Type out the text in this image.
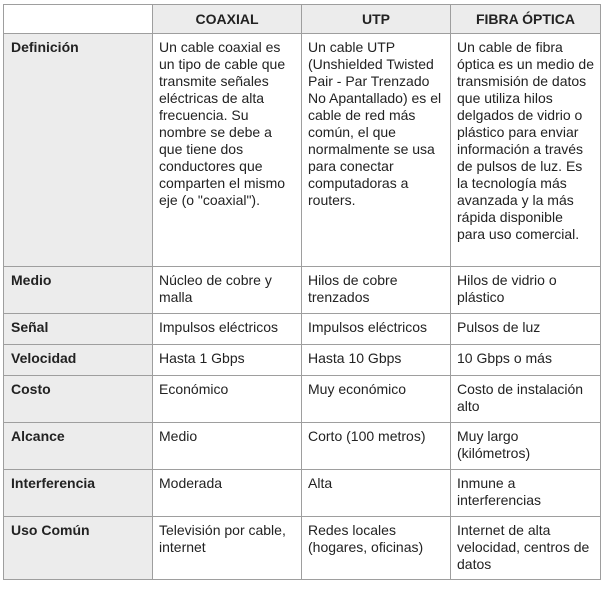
	COAXIAL	UTP	FIBRA ÓPTICA
Definición	Un cable coaxial es un tipo de cable que transmite señales eléctricas de alta frecuencia. Su nombre se debe a que tiene dos conductores que comparten el mismo eje (o "coaxial").	Un cable UTP (Unshielded Twisted Pair - Par Trenzado No Apantallado) es el cable de red más común, el que normalmente se usa para conectar computadoras a routers.	Un cable de fibra óptica es un medio de transmisión de datos que utiliza hilos delgados de vidrio o plástico para enviar información a través de pulsos de luz. Es la tecnología más avanzada y la más rápida disponible para uso comercial.
Medio	Núcleo de cobre y malla	Hilos de cobre trenzados	Hilos de vidrio o plástico
Señal	Impulsos eléctricos	Impulsos eléctricos	Pulsos de luz
Velocidad	Hasta 1 Gbps	Hasta 10 Gbps	10 Gbps o más
Costo	Económico	Muy económico	Costo de instalación alto
Alcance	Medio	Corto (100 metros)	Muy largo (kilómetros)
Interferencia	Moderada	Alta	Inmune a interferencias
Uso Común	Televisión por cable, internet	Redes locales (hogares, oficinas)	Internet de alta velocidad, centros de datos
